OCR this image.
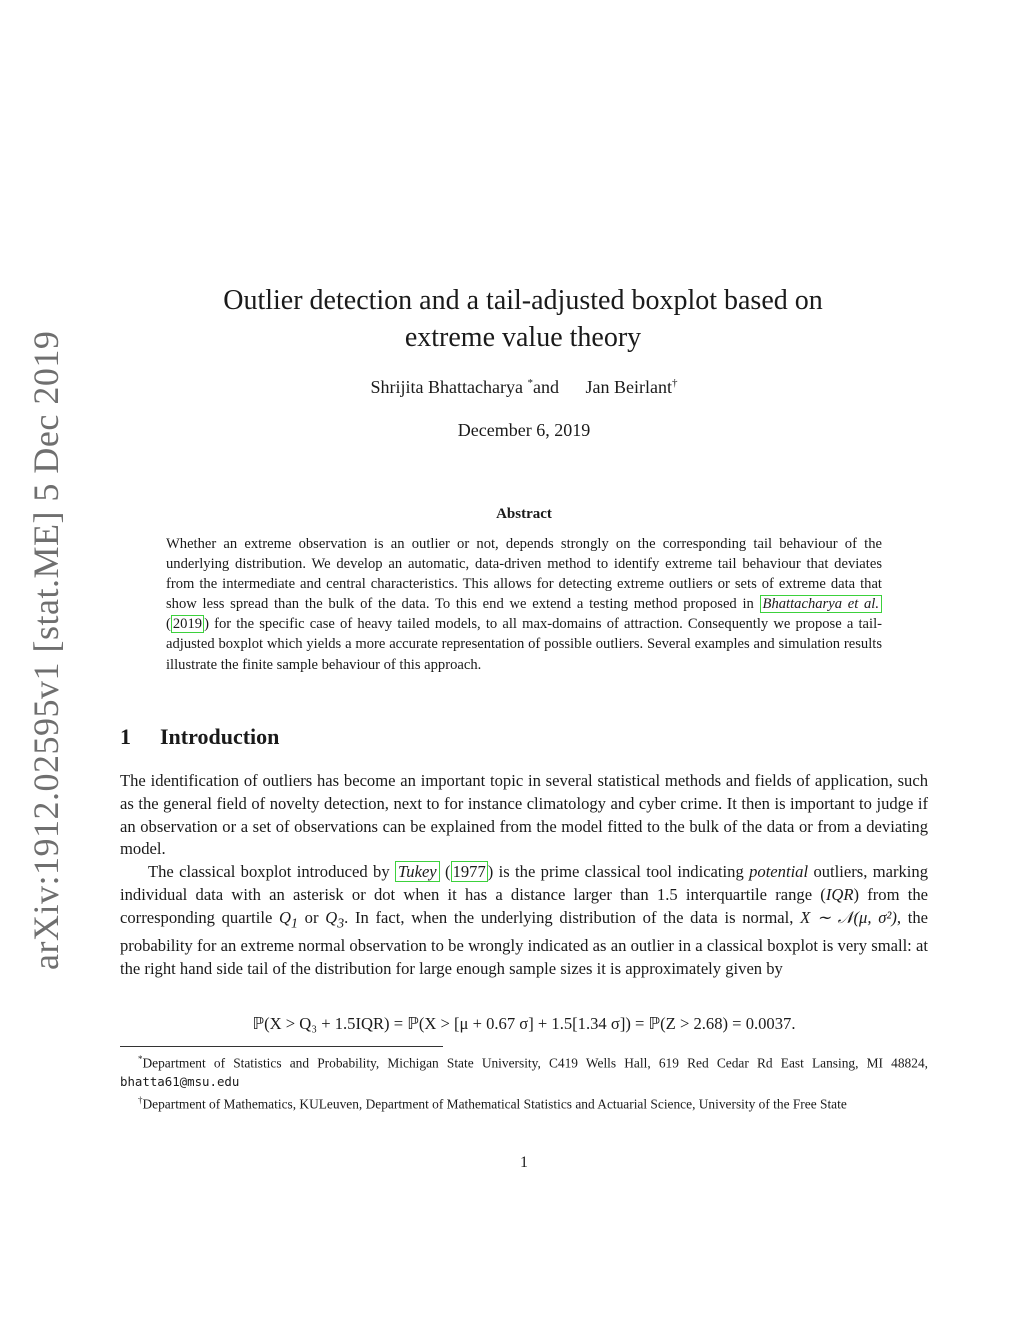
arXiv:1912.02595v1 [stat.ME] 5 Dec 2019
Outlier detection and a tail-adjusted boxplot based on
extreme value theory
Shrijita Bhattacharya *and Jan Beirlant†
December 6, 2019
Abstract

Whether an extreme observation is an outlier or not, depends strongly on the corresponding tail behaviour of the underlying distribution. We develop an automatic, data-driven method to identify extreme tail behaviour that deviates from the intermediate and central characteristics. This allows for detecting extreme outliers or sets of extreme data that show less spread than the bulk of the data. To this end we extend a testing method proposed in Bhattacharya et al. ( 2019 ) for the specific case of heavy tailed models, to all max-domains of attraction. Consequently we propose a tail-adjusted boxplot which yields a more accurate representation of possible outliers. Several examples and simulation results illustrate the finite sample behaviour of this approach.

1 Introduction

The identification of outliers has become an important topic in several statistical methods and fields of application, such as the general field of novelty detection, next to for instance climatology and cyber crime. It then is important to judge if an observation or a set of observations can be explained from the model fitted to the bulk of the data or from a deviating model.

The classical boxplot introduced by Tukey ( 1977 ) is the prime classical tool indicating potential outliers, marking individual data with an asterisk or dot when it has a distance larger than 1.5 interquartile range (IQR) from the corresponding quartile $Q_1$ or $Q_3$. In fact, when the underlying distribution of the data is normal, X ∼ 𝒩(μ, σ²), the probability for an extreme normal observation to be wrongly indicated as an outlier in a classical boxplot is very small: at the right hand side tail of the distribution for large enough sample sizes it is approximately given by

ℙ(X > Q₃ + 1.5IQR) = ℙ(X > [μ + 0.67 σ] + 1.5[1.34 σ]) = ℙ(Z > 2.68) = 0.0037.

*Department of Statistics and Probability, Michigan State University, C419 Wells Hall, 619 Red Cedar Rd East Lansing, MI 48824, bhatta61@msu.edu

†Department of Mathematics, KULeuven, Department of Mathematical Statistics and Actuarial Science, University of the Free State

1
